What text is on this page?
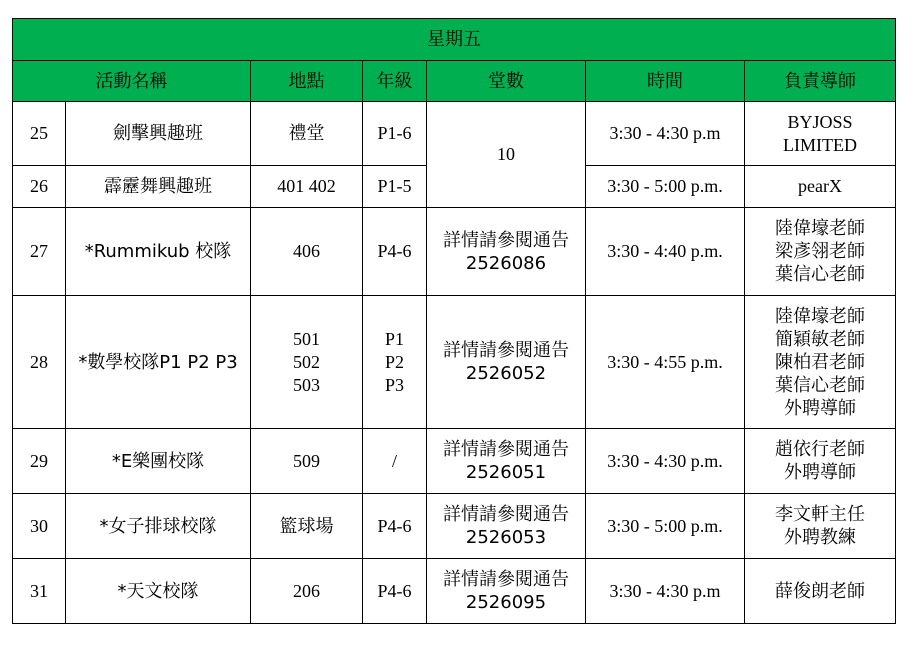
星期五						
活動名稱		地點	年級	堂數	時間	負責導師
25	劍擊興趣班	禮堂	P1-6	10	3:30 - 4:30 p.m	BYJOSS
LIMITED
26	霹靂舞興趣班	401 402	P1-5		3:30 - 5:00 p.m.	pearX
27	*Rummikub 校隊	406	P4-6	詳情請參閱通告
2526086	3:30 - 4:40 p.m.	陸偉壕老師
梁彥翎老師
葉信心老師
28	*數學校隊P1 P2 P3	501
502
503	P1
P2
P3	詳情請參閱通告
2526052	3:30 - 4:55 p.m.	陸偉壕老師
簡穎敏老師
陳柏君老師
葉信心老師
外聘導師
29	*E樂團校隊	509	/	詳情請參閱通告
2526051	3:30 - 4:30 p.m.	趙依行老師
外聘導師
30	*女子排球校隊	籃球場	P4-6	詳情請參閱通告
2526053	3:30 - 5:00 p.m.	李文軒主任
外聘教練
31	*天文校隊	206	P4-6	詳情請參閱通告
2526095	3:30 - 4:30 p.m	薛俊朗老師
